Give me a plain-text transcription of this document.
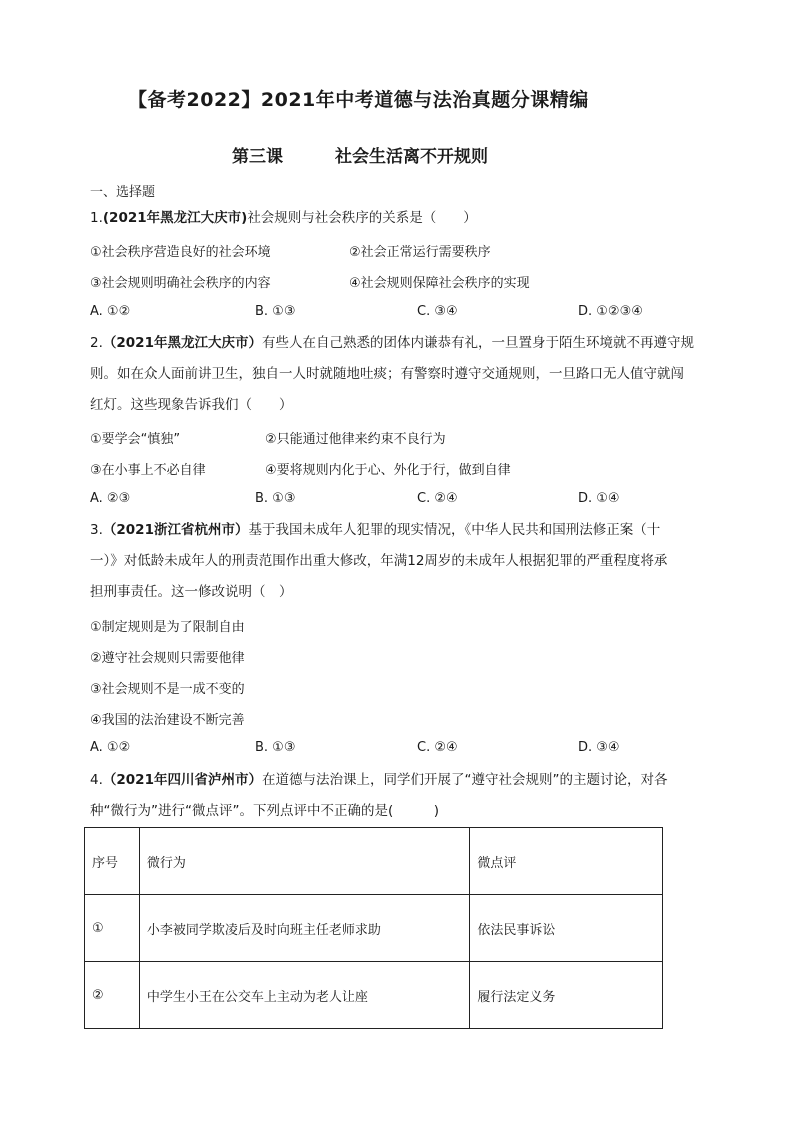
【备考2022】2021年中考道德与法治真题分课精编
第三课	社会生活离不开规则
一、选择题
1.(2021年黑龙江大庆市)社会规则与社会秩序的关系是（　　）
①社会秩序营造良好的社会环境	②社会正常运行需要秩序
③社会规则明确社会秩序的内容	④社会规则保障社会秩序的实现
A. ①②	B. ①③	C. ③④	D. ①②③④
2.（2021年黑龙江大庆市）有些人在自己熟悉的团体内谦恭有礼，一旦置身于陌生环境就不再遵守规
则。如在众人面前讲卫生，独自一人时就随地吐痰；有警察时遵守交通规则，一旦路口无人值守就闯
红灯。这些现象告诉我们（　　）
①要学会“慎独”	②只能通过他律来约束不良行为
③在小事上不必自律	④要将规则内化于心、外化于行，做到自律
A. ②③	B. ①③	C. ②④	D. ①④
3.（2021浙江省杭州市）基于我国未成年人犯罪的现实情况，《中华人民共和国刑法修正案（十
一）》对低龄未成年人的刑责范围作出重大修改，年满12周岁的未成年人根据犯罪的严重程度将承
担刑事责任。这一修改说明（　）
①制定规则是为了限制自由
②遵守社会规则只需要他律
③社会规则不是一成不变的
④我国的法治建设不断完善
A. ①②	B. ①③	C. ②④	D. ③④
4.（2021年四川省泸州市）在道德与法治课上，同学们开展了“遵守社会规则”的主题讨论，对各
种“微行为”进行“微点评”。下列点评中不正确的是(　　　)
序号	微行为	微点评
①	小李被同学欺凌后及时向班主任老师求助	依法民事诉讼
②	中学生小王在公交车上主动为老人让座	履行法定义务
